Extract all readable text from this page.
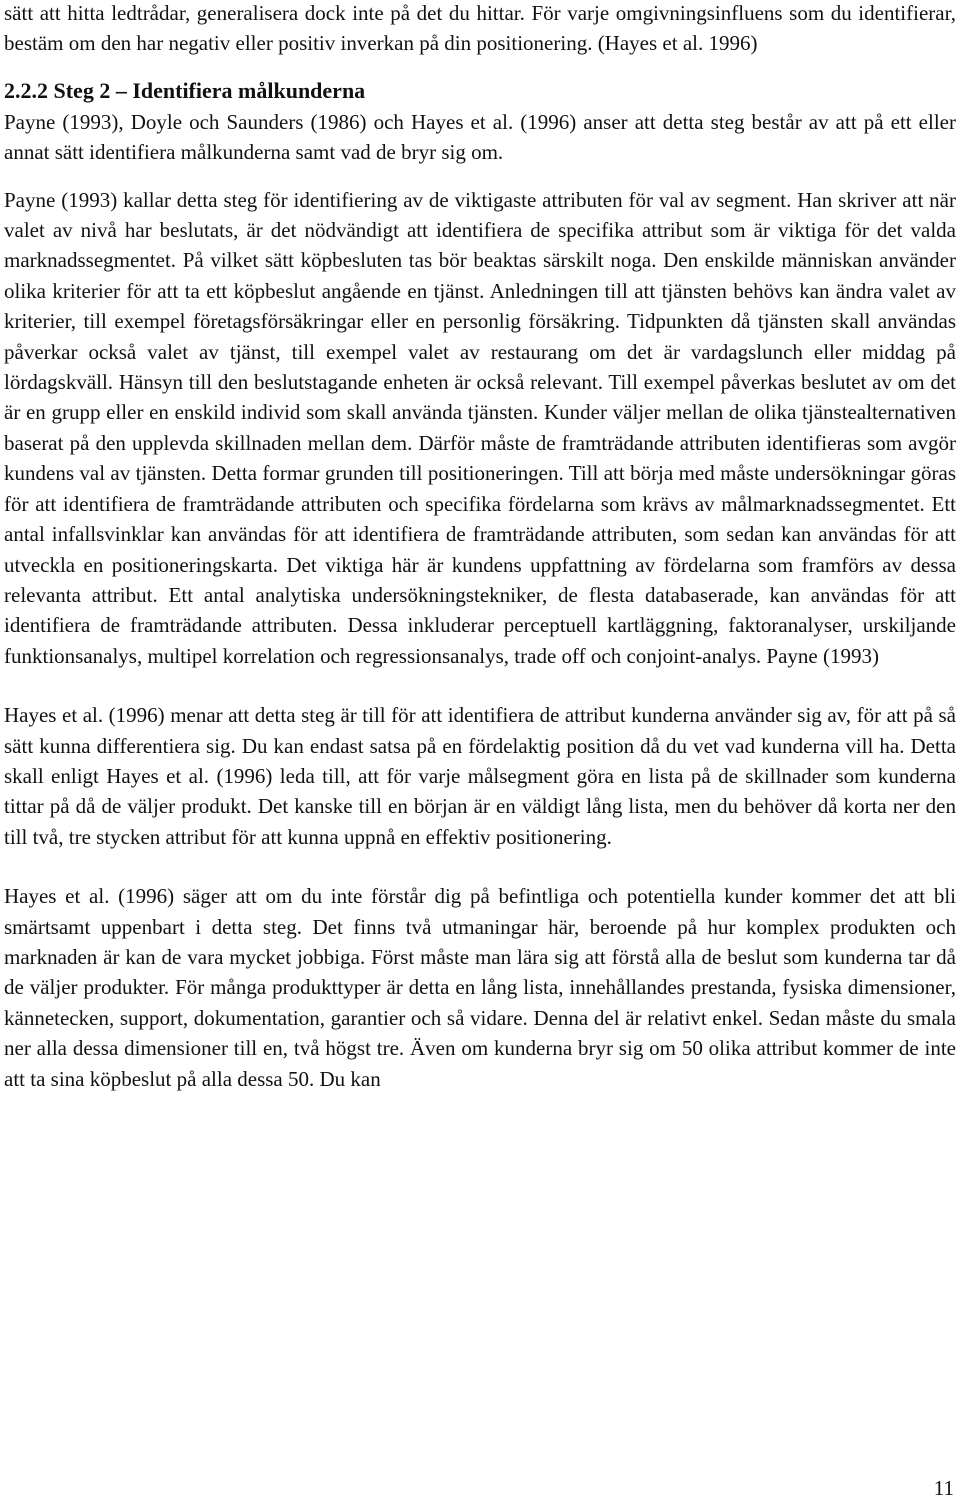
sätt att hitta ledtrådar, generalisera dock inte på det du hittar. För varje omgivningsinfluens som du identifierar, bestäm om den har negativ eller positiv inverkan på din positionering. (Hayes et al. 1996)

2.2.2 Steg 2 – Identifiera målkunderna

Payne (1993), Doyle och Saunders (1986) och Hayes et al. (1996) anser att detta steg består av att på ett eller annat sätt identifiera målkunderna samt vad de bryr sig om.

Payne (1993) kallar detta steg för identifiering av de viktigaste attributen för val av segment. Han skriver att när valet av nivå har beslutats, är det nödvändigt att identifiera de specifika attribut som är viktiga för det valda marknadssegmentet. På vilket sätt köpbesluten tas bör beaktas särskilt noga. Den enskilde människan använder olika kriterier för att ta ett köpbeslut angående en tjänst. Anledningen till att tjänsten behövs kan ändra valet av kriterier, till exempel företagsförsäkringar eller en personlig försäkring. Tidpunkten då tjänsten skall användas påverkar också valet av tjänst, till exempel valet av restaurang om det är vardagslunch eller middag på lördagskväll. Hänsyn till den beslutstagande enheten är också relevant. Till exempel påverkas beslutet av om det är en grupp eller en enskild individ som skall använda tjänsten. Kunder väljer mellan de olika tjänstealternativen baserat på den upplevda skillnaden mellan dem. Därför måste de framträdande attributen identifieras som avgör kundens val av tjänsten. Detta formar grunden till positioneringen. Till att börja med måste undersökningar göras för att identifiera de framträdande attributen och specifika fördelarna som krävs av målmarknadssegmentet. Ett antal infallsvinklar kan användas för att identifiera de framträdande attributen, som sedan kan användas för att utveckla en positioneringskarta. Det viktiga här är kundens uppfattning av fördelarna som framförs av dessa relevanta attribut. Ett antal analytiska undersökningstekniker, de flesta databaserade, kan användas för att identifiera de framträdande attributen. Dessa inkluderar perceptuell kartläggning, faktoranalyser, urskiljande funktionsanalys, multipel korrelation och regressionsanalys, trade off och conjoint-analys. Payne (1993)

Hayes et al. (1996) menar att detta steg är till för att identifiera de attribut kunderna använder sig av, för att på så sätt kunna differentiera sig. Du kan endast satsa på en fördelaktig position då du vet vad kunderna vill ha. Detta skall enligt Hayes et al. (1996) leda till, att för varje målsegment göra en lista på de skillnader som kunderna tittar på då de väljer produkt. Det kanske till en början är en väldigt lång lista, men du behöver då korta ner den till två, tre stycken attribut för att kunna uppnå en effektiv positionering.

Hayes et al. (1996) säger att om du inte förstår dig på befintliga och potentiella kunder kommer det att bli smärtsamt uppenbart i detta steg. Det finns två utmaningar här, beroende på hur komplex produkten och marknaden är kan de vara mycket jobbiga. Först måste man lära sig att förstå alla de beslut som kunderna tar då de väljer produkter. För många produkttyper är detta en lång lista, innehållandes prestanda, fysiska dimensioner, kännetecken, support, dokumentation, garantier och så vidare. Denna del är relativt enkel. Sedan måste du smala ner alla dessa dimensioner till en, två högst tre. Även om kunderna bryr sig om 50 olika attribut kommer de inte att ta sina köpbeslut på alla dessa 50. Du kan

11
